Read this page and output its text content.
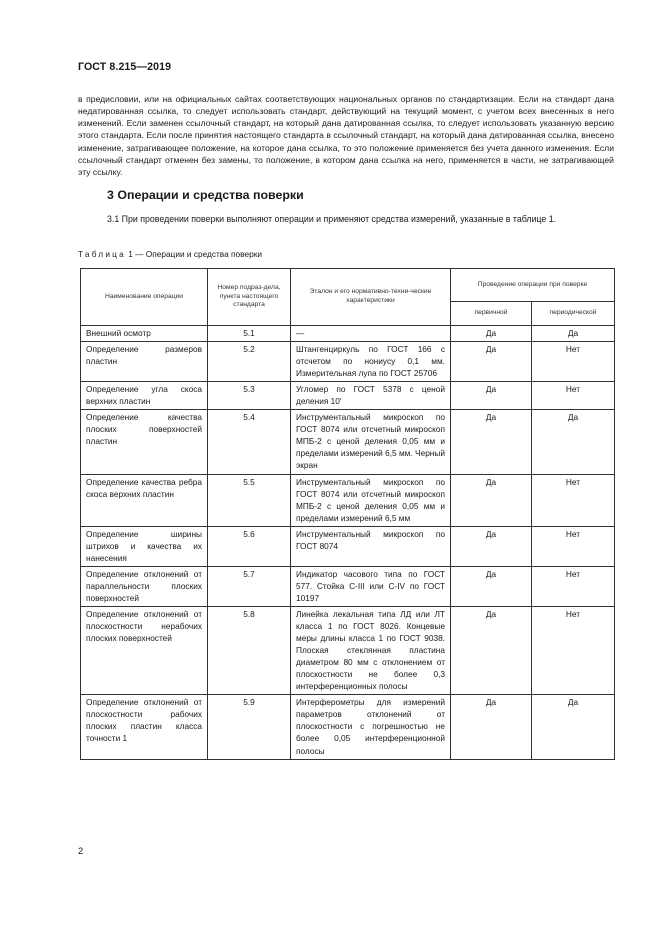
ГОСТ 8.215—2019
в предисловии, или на официальных сайтах соответствующих национальных органов по стандартизации. Если на стандарт дана недатированная ссылка, то следует использовать стандарт, действующий на текущий момент, с учетом всех внесенных в него изменений. Если заменен ссылочный стандарт, на который дана датированная ссылка, то следует использовать указанную версию этого стандарта. Если после принятия настоящего стандарта в ссылочный стандарт, на который дана датированная ссылка, внесено изменение, затрагивающее положение, на которое дана ссылка, то это положение применяется без учета данного изменения. Если ссылочный стандарт отменен без замены, то положение, в котором дана ссылка на него, применяется в части, не затрагивающей эту ссылку.
3 Операции и средства поверки
3.1 При проведении поверки выполняют операции и применяют средства измерений, указанные в таблице 1.
Таблица 1 — Операции и средства поверки
Наименование операции	Номер подраз-дела, пункта настоящего стандарта	Эталон и его нормативно-техни-ческие характеристики	Проведение операции при поверке	
			первичной	периодической
Внешний осмотр	5.1	—	Да	Да
Определение размеров пластин	5.2	Штангенциркуль по ГОСТ 166 с отсчетом по нониусу 0,1 мм. Измерительная лупа по ГОСТ 25706	Да	Нет
Определение угла скоса верхних пластин	5.3	Угломер по ГОСТ 5378 с ценой деления 10′	Да	Нет
Определение качества плоских поверхностей пластин	5.4	Инструментальный микроскоп по ГОСТ 8074 или отсчетный микроскоп МПБ-2 с ценой деления 0,05 мм и пределами измерений 6,5 мм. Черный экран	Да	Да
Определение качества ребра скоса верхних пластин	5.5	Инструментальный микроскоп по ГОСТ 8074 или отсчетный микроскоп МПБ-2 с ценой деления 0,05 мм и пределами измерений 6,5 мм	Да	Нет
Определение ширины штрихов и качества их нанесения	5.6	Инструментальный микроскоп по ГОСТ 8074	Да	Нет
Определение отклонений от параллельности плоских поверхностей	5.7	Индикатор часового типа по ГОСТ 577. Стойка С-III или С-IV по ГОСТ 10197	Да	Нет
Определение отклонений от плоскостности нерабочих плоских поверхностей	5.8	Линейка лекальная типа ЛД или ЛТ класса 1 по ГОСТ 8026. Концевые меры длины класса 1 по ГОСТ 9038. Плоская стеклянная пластина диаметром 80 мм с отклонением от плоскостности не более 0,3 интерференционных полосы	Да	Нет
Определение отклонений от плоскостности рабочих плоских пластин класса точности 1	5.9	Интерферометры для измерений параметров отклонений от плоскостности с погрешностью не более 0,05 интерференционной полосы	Да	Да
2
